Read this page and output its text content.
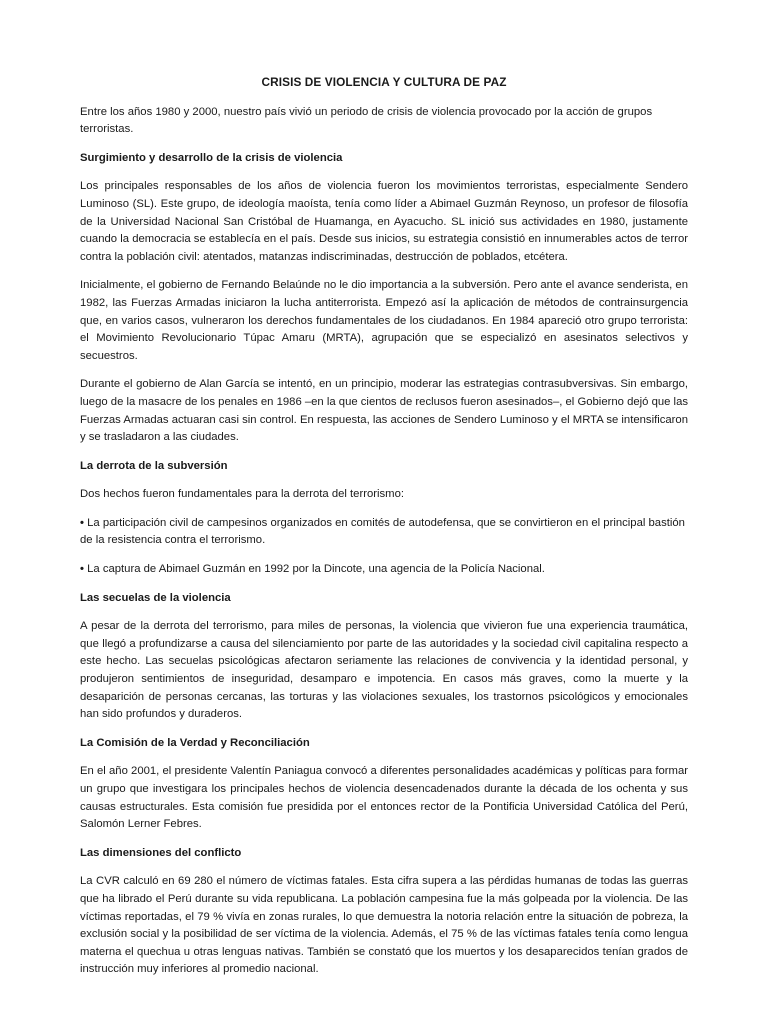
CRISIS DE VIOLENCIA Y CULTURA DE PAZ

Entre los años 1980 y 2000, nuestro país vivió un periodo de crisis de violencia provocado por la acción de grupos terroristas.

Surgimiento y desarrollo de la crisis de violencia

Los principales responsables de los años de violencia fueron los movimientos terroristas, especialmente Sendero Luminoso (SL). Este grupo, de ideología maoísta, tenía como líder a Abimael Guzmán Reynoso, un profesor de filosofía de la Universidad Nacional San Cristóbal de Huamanga, en Ayacucho. SL inició sus actividades en 1980, justamente cuando la democracia se establecía en el país. Desde sus inicios, su estrategia consistió en innumerables actos de terror contra la población civil: atentados, matanzas indiscriminadas, destrucción de poblados, etcétera.

Inicialmente, el gobierno de Fernando Belaúnde no le dio importancia a la subversión. Pero ante el avance senderista, en 1982, las Fuerzas Armadas iniciaron la lucha antiterrorista. Empezó así la aplicación de métodos de contrainsurgencia que, en varios casos, vulneraron los derechos fundamentales de los ciudadanos. En 1984 apareció otro grupo terrorista: el Movimiento Revolucionario Túpac Amaru (MRTA), agrupación que se especializó en asesinatos selectivos y secuestros.

Durante el gobierno de Alan García se intentó, en un principio, moderar las estrategias contrasubversivas. Sin embargo, luego de la masacre de los penales en 1986 –en la que cientos de reclusos fueron asesinados–, el Gobierno dejó que las Fuerzas Armadas actuaran casi sin control. En respuesta, las acciones de Sendero Luminoso y el MRTA se intensificaron y se trasladaron a las ciudades.

La derrota de la subversión

Dos hechos fueron fundamentales para la derrota del terrorismo:

• La participación civil de campesinos organizados en comités de autodefensa, que se convirtieron en el principal bastión de la resistencia contra el terrorismo.
• La captura de Abimael Guzmán en 1992 por la Dincote, una agencia de la Policía Nacional.
Las secuelas de la violencia

A pesar de la derrota del terrorismo, para miles de personas, la violencia que vivieron fue una experiencia traumática, que llegó a profundizarse a causa del silenciamiento por parte de las autoridades y la sociedad civil capitalina respecto a este hecho. Las secuelas psicológicas afectaron seriamente las relaciones de convivencia y la identidad personal, y produjeron sentimientos de inseguridad, desamparo e impotencia. En casos más graves, como la muerte y la desaparición de personas cercanas, las torturas y las violaciones sexuales, los trastornos psicológicos y emocionales han sido profundos y duraderos.

La Comisión de la Verdad y Reconciliación

En el año 2001, el presidente Valentín Paniagua convocó a diferentes personalidades académicas y políticas para formar un grupo que investigara los principales hechos de violencia desencadenados durante la década de los ochenta y sus causas estructurales. Esta comisión fue presidida por el entonces rector de la Pontificia Universidad Católica del Perú, Salomón Lerner Febres.

Las dimensiones del conflicto

La CVR calculó en 69 280 el número de víctimas fatales. Esta cifra supera a las pérdidas humanas de todas las guerras que ha librado el Perú durante su vida republicana. La población campesina fue la más golpeada por la violencia. De las víctimas reportadas, el 79 % vivía en zonas rurales, lo que demuestra la notoria relación entre la situación de pobreza, la exclusión social y la posibilidad de ser víctima de la violencia. Además, el 75 % de las víctimas fatales tenía como lengua materna el quechua u otras lenguas nativas. También se constató que los muertos y los desaparecidos tenían grados de instrucción muy inferiores al promedio nacional.
